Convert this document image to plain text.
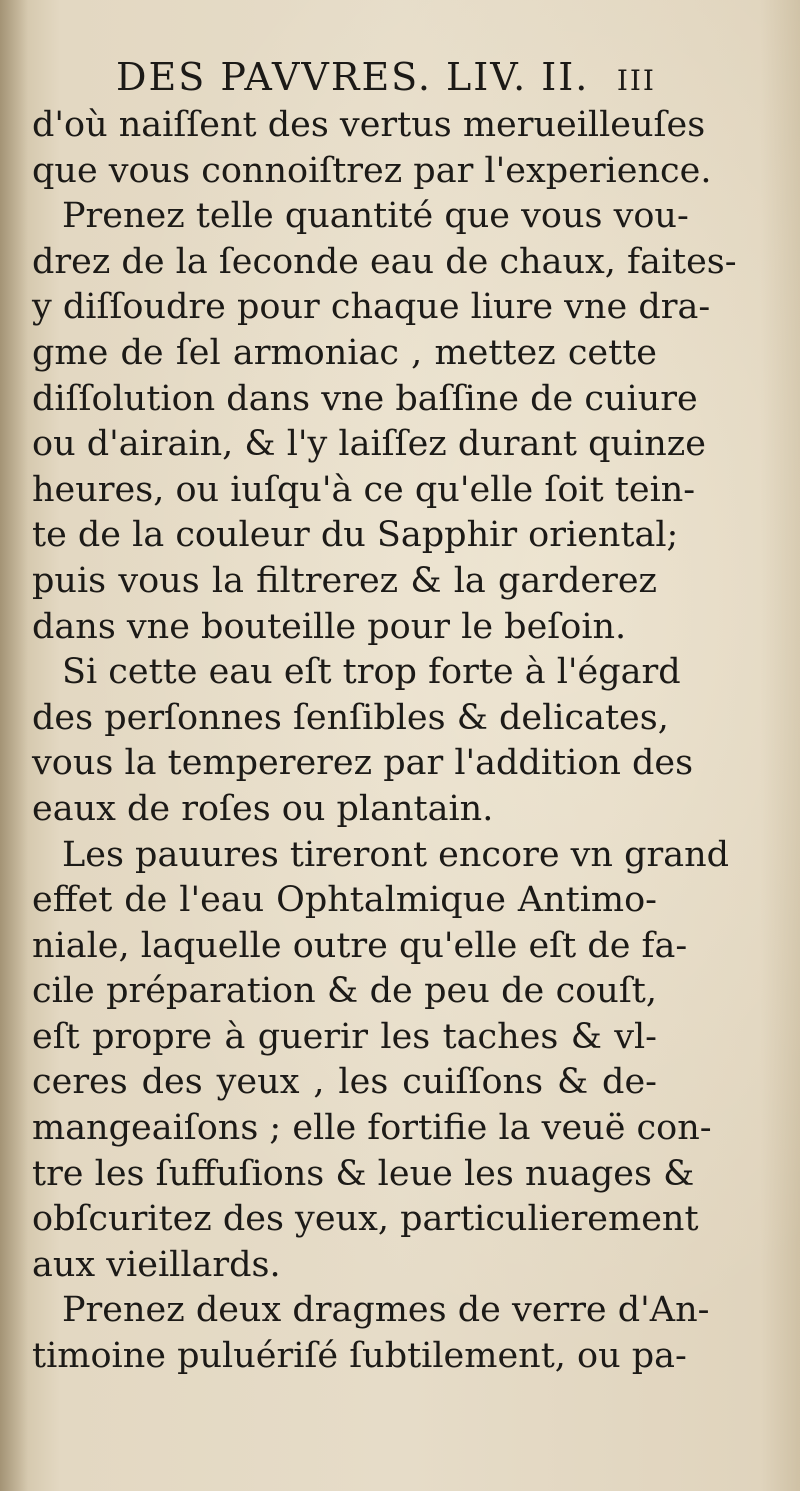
DES PAVVRES. LIV. II. III
d'où naiſſent des vertus merueilleuſes
que vous connoiſtrez par l'experience.
Prenez telle quantité que vous vou-
drez de la ſeconde eau de chaux, faites-
y diſſoudre pour chaque liure vne dra-
gme de ſel armoniac , mettez cette
diſſolution dans vne baſſine de cuiure
ou d'airain, & l'y laiſſez durant quinze
heures, ou iuſqu'à ce qu'elle ſoit tein-
te de la couleur du Sapphir oriental;
puis vous la filtrerez & la garderez
dans vne bouteille pour le beſoin.
Si cette eau eſt trop forte à l'égard
des perſonnes ſenſibles & delicates,
vous la tempererez par l'addition des
eaux de roſes ou plantain.
Les pauures tireront encore vn grand
effet de l'eau Ophtalmique Antimo-
niale, laquelle outre qu'elle eſt de fa-
cile préparation & de peu de couſt,
eſt propre à guerir les taches & vl-
ceres des yeux , les cuiſſons & de-
mangeaiſons ; elle fortifie la veuë con-
tre les ſuffuſions & leue les nuages &
obſcuritez des yeux, particulierement
aux vieillards.
Prenez deux dragmes de verre d'An-
timoine puluériſé ſubtilement, ou pa-
